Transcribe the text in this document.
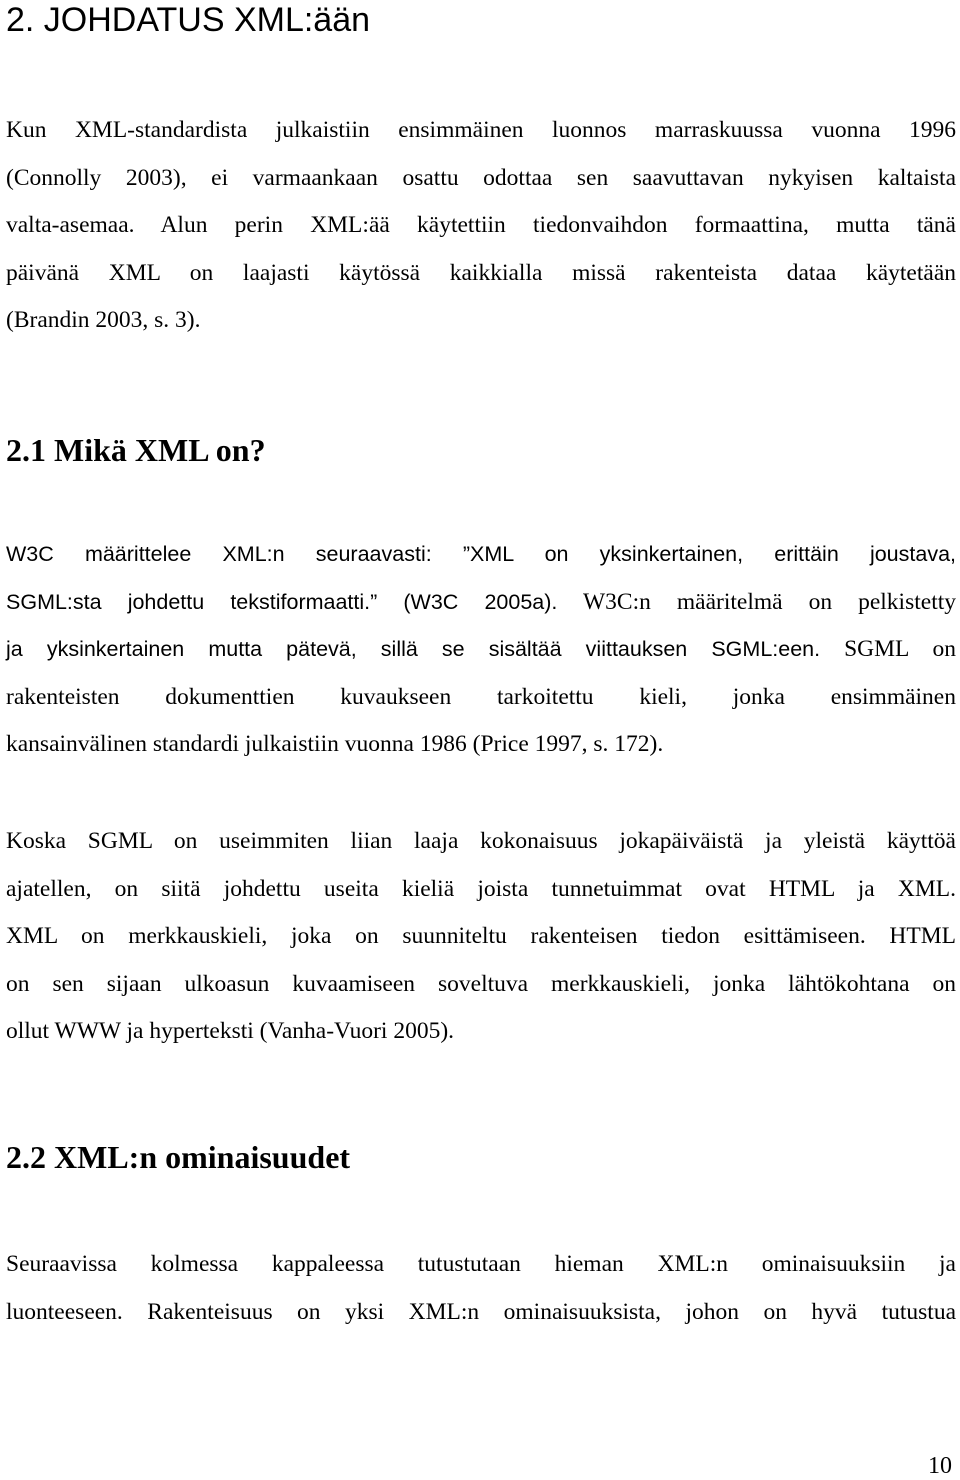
2. JOHDATUS XML:ään
Kun XML-standardista julkaistiin ensimmäinen luonnos marraskuussa vuonna 1996
(Connolly 2003), ei varmaankaan osattu odottaa sen saavuttavan nykyisen kaltaista
valta-asemaa. Alun perin XML:ää käytettiin tiedonvaihdon formaattina, mutta tänä
päivänä XML on laajasti käytössä kaikkialla missä rakenteista dataa käytetään
(Brandin 2003, s. 3).
2.1 Mikä XML on?
W3C määrittelee XML:n seuraavasti: ”XML on yksinkertainen, erittäin joustava,
SGML:sta johdettu tekstiformaatti.” (W3C 2005a). W3C:n määritelmä on pelkistetty
ja yksinkertainen mutta pätevä, sillä se sisältää viittauksen SGML:een. SGML on
rakenteisten dokumenttien kuvaukseen tarkoitettu kieli, jonka ensimmäinen
kansainvälinen standardi julkaistiin vuonna 1986 (Price 1997, s. 172).
Koska SGML on useimmiten liian laaja kokonaisuus jokapäiväistä ja yleistä käyttöä
ajatellen, on siitä johdettu useita kieliä joista tunnetuimmat ovat HTML ja XML.
XML on merkkauskieli, joka on suunniteltu rakenteisen tiedon esittämiseen. HTML
on sen sijaan ulkoasun kuvaamiseen soveltuva merkkauskieli, jonka lähtökohtana on
ollut WWW ja hyperteksti (Vanha-Vuori 2005).
2.2 XML:n ominaisuudet
Seuraavissa kolmessa kappaleessa tutustutaan hieman XML:n ominaisuuksiin ja
luonteeseen. Rakenteisuus on yksi XML:n ominaisuuksista, johon on hyvä tutustua
10
